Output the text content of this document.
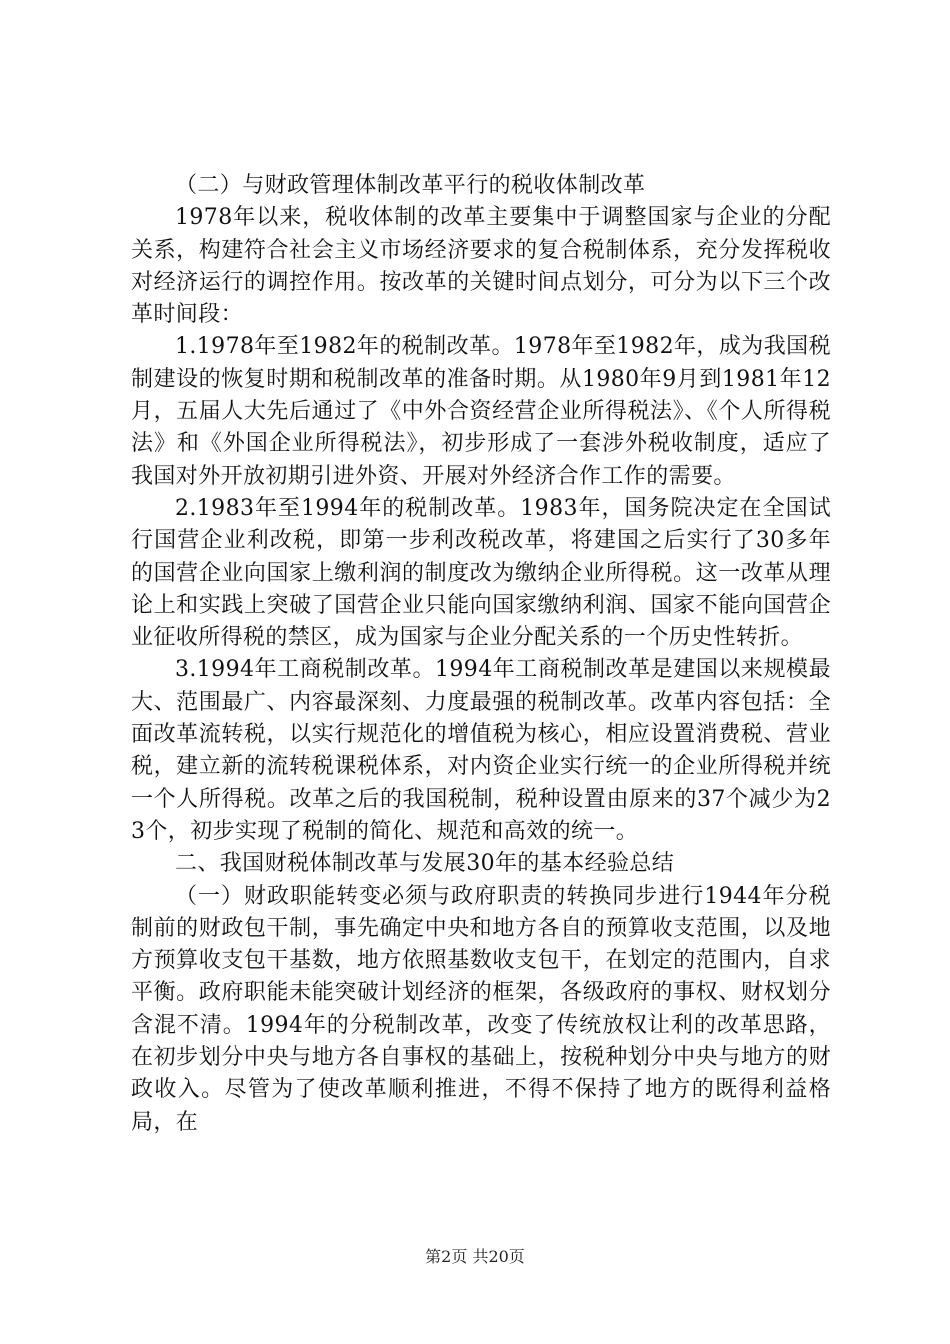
（二）与财政管理体制改革平行的税收体制改革

1978年以来，税收体制的改革主要集中于调整国家与企业的分配关系，构建符合社会主义市场经济要求的复合税制体系，充分发挥税收对经济运行的调控作用。按改革的关键时间点划分，可分为以下三个改革时间段：

1.1978年至1982年的税制改革。1978年至1982年，成为我国税制建设的恢复时期和税制改革的准备时期。从1980年9月到1981年12月，五届人大先后通过了《中外合资经营企业所得税法》、《个人所得税法》和《外国企业所得税法》，初步形成了一套涉外税收制度，适应了我国对外开放初期引进外资、开展对外经济合作工作的需要。

2.1983年至1994年的税制改革。1983年，国务院决定在全国试行国营企业利改税，即第一步利改税改革，将建国之后实行了30多年的国营企业向国家上缴利润的制度改为缴纳企业所得税。这一改革从理论上和实践上突破了国营企业只能向国家缴纳利润、国家不能向国营企业征收所得税的禁区，成为国家与企业分配关系的一个历史性转折。

3.1994年工商税制改革。1994年工商税制改革是建国以来规模最大、范围最广、内容最深刻、力度最强的税制改革。改革内容包括：全面改革流转税，以实行规范化的增值税为核心，相应设置消费税、营业税，建立新的流转税课税体系，对内资企业实行统一的企业所得税并统一个人所得税。改革之后的我国税制，税种设置由原来的37个减少为23个，初步实现了税制的简化、规范和高效的统一。

二、我国财税体制改革与发展30年的基本经验总结

（一）财政职能转变必须与政府职责的转换同步进行1944年分税制前的财政包干制，事先确定中央和地方各自的预算收支范围，以及地方预算收支包干基数，地方依照基数收支包干，在划定的范围内，自求平衡。政府职能未能突破计划经济的框架，各级政府的事权、财权划分含混不清。1994年的分税制改革，改变了传统放权让利的改革思路，在初步划分中央与地方各自事权的基础上，按税种划分中央与地方的财政收入。尽管为了使改革顺利推进，不得不保持了地方的既得利益格局，在

第2页 共20页
